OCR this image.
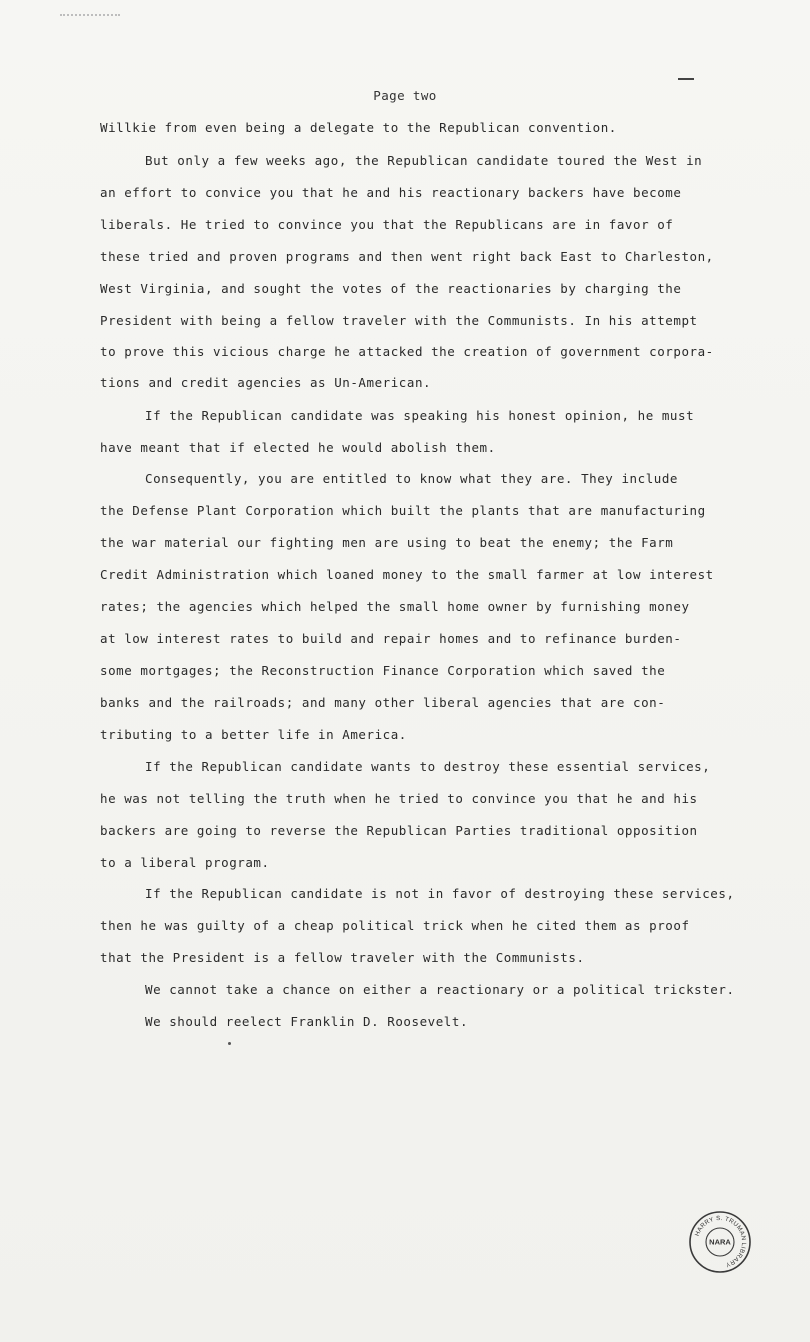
Page two
Willkie from even being a delegate to the Republican convention.
But only a few weeks ago, the Republican candidate toured the West in
an effort to convice you that he and his reactionary backers have become
liberals. He tried to convince you that the Republicans are in favor of
these tried and proven programs and then went right back East to Charleston,
West Virginia, and sought the votes of the reactionaries by charging the
President with being a fellow traveler with the Communists. In his attempt
to prove this vicious charge he attacked the creation of government corpora-
tions and credit agencies as Un-American.
If the Republican candidate was speaking his honest opinion, he must
have meant that if elected he would abolish them.
Consequently, you are entitled to know what they are. They include
the Defense Plant Corporation which built the plants that are manufacturing
the war material our fighting men are using to beat the enemy; the Farm
Credit Administration which loaned money to the small farmer at low interest
rates; the agencies which helped the small home owner by furnishing money
at low interest rates to build and repair homes and to refinance burden-
some mortgages; the Reconstruction Finance Corporation which saved the
banks and the railroads; and many other liberal agencies that are con-
tributing to a better life in America.
If the Republican candidate wants to destroy these essential services,
he was not telling the truth when he tried to convince you that he and his
backers are going to reverse the Republican Parties traditional opposition
to a liberal program.
If the Republican candidate is not in favor of destroying these services,
then he was guilty of a cheap political trick when he cited them as proof
that the President is a fellow traveler with the Communists.
We cannot take a chance on either a reactionary or a political trickster.
We should reelect Franklin D. Roosevelt.
HARRY S. TRUMAN LIBRARY
NARA
